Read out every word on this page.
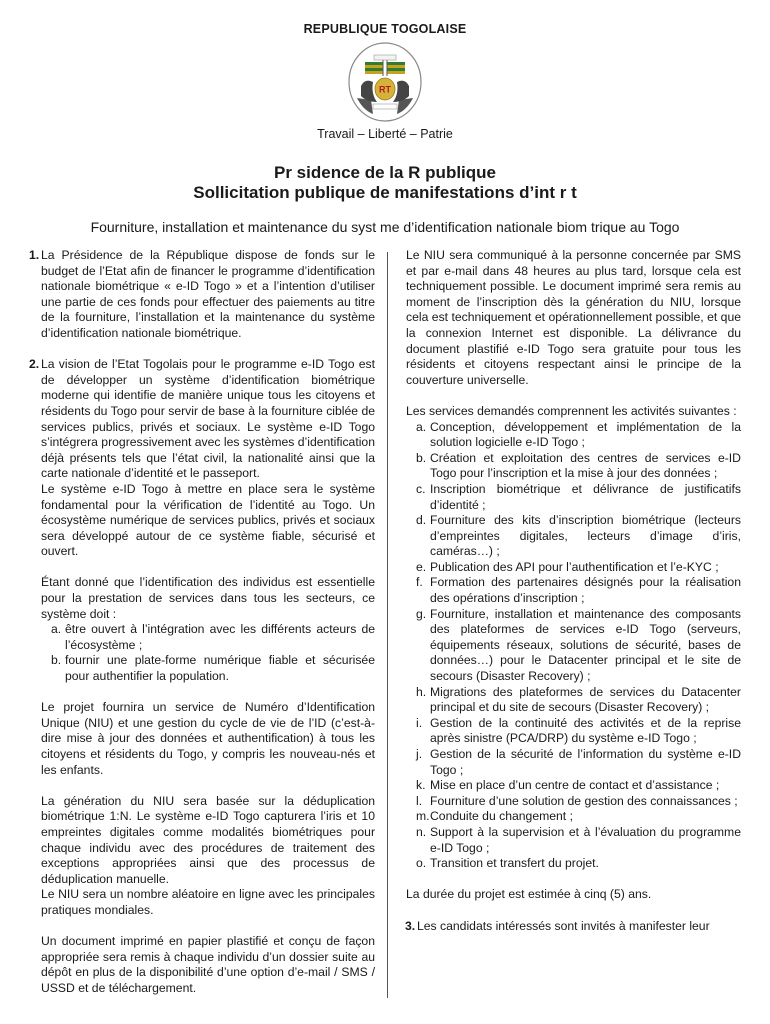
REPUBLIQUE TOGOLAISE
RT
Travail – Liberté – Patrie
Pr sidence de la R publique
Sollicitation publique de manifestations d’int r t
Fourniture, installation et maintenance du syst me d’identification nationale biom trique au Togo
1. La Présidence de la République dispose de fonds sur le budget de l’Etat afin de financer le programme d’identification nationale biométrique « e-ID Togo » et a l’intention d’utiliser une partie de ces fonds pour effectuer des paiements au titre de la fourniture, l’installation et la maintenance du système d’identification nationale biométrique.

2. La vision de l’Etat Togolais pour le programme e-ID Togo est de développer un système d’identification biométrique moderne qui identifie de manière unique tous les citoyens et résidents du Togo pour servir de base à la fourniture ciblée de services publics, privés et sociaux. Le système e-ID Togo s’intégrera progressivement avec les systèmes d’identification déjà présents tels que l’état civil, la nationalité ainsi que la carte nationale d’identité et le passeport.

Le système e-ID Togo à mettre en place sera le système fondamental pour la vérification de l’identité au Togo. Un écosystème numérique de services publics, privés et sociaux sera développé autour de ce système fiable, sécurisé et ouvert.

Étant donné que l’identification des individus est essentielle pour la prestation de services dans tous les secteurs, ce système doit :

a. être ouvert à l’intégration avec les différents acteurs de l’écosystème ;
b. fournir une plate-forme numérique fiable et sécurisée pour authentifier la population.

Le projet fournira un service de Numéro d’Identification Unique (NIU) et une gestion du cycle de vie de l’ID (c’est-à-dire mise à jour des données et authentification) à tous les citoyens et résidents du Togo, y compris les nouveau-nés et les enfants.

La génération du NIU sera basée sur la déduplication biométrique 1:N. Le système e-ID Togo capturera l’iris et 10 empreintes digitales comme modalités biométriques pour chaque individu avec des procédures de traitement des exceptions appropriées ainsi que des processus de déduplication manuelle.

Le NIU sera un nombre aléatoire en ligne avec les principales pratiques mondiales.

Un document imprimé en papier plastifié et conçu de façon appropriée sera remis à chaque individu d’un dossier suite au dépôt en plus de la disponibilité d’une option d’e-mail / SMS / USSD et de téléchargement.

Le NIU sera communiqué à la personne concernée par SMS et par e-mail dans 48 heures au plus tard, lorsque cela est techniquement possible. Le document imprimé sera remis au moment de l’inscription dès la génération du NIU, lorsque cela est techniquement et opérationnellement possible, et que la connexion Internet est disponible. La délivrance du document plastifié e-ID Togo sera gratuite pour tous les résidents et citoyens respectant ainsi le principe de la couverture universelle.

Les services demandés comprennent les activités suivantes :

a. Conception, développement et implémentation de la solution logicielle e-ID Togo ;
b. Création et exploitation des centres de services e-ID Togo pour l’inscription et la mise à jour des données ;
c. Inscription biométrique et délivrance de justificatifs d’identité ;
d. Fourniture des kits d’inscription biométrique (lecteurs d’empreintes digitales, lecteurs d’image d’iris, caméras…) ;
e. Publication des API pour l’authentification et l’e-KYC ;
f. Formation des partenaires désignés pour la réalisation des opérations d’inscription ;
g. Fourniture, installation et maintenance des composants des plateformes de services e-ID Togo (serveurs, équipements réseaux, solutions de sécurité, bases de données…) pour le Datacenter principal et le site de secours (Disaster Recovery) ;
h. Migrations des plateformes de services du Datacenter principal et du site de secours (Disaster Recovery) ;
i. Gestion de la continuité des activités et de la reprise après sinistre (PCA/DRP) du système e-ID Togo ;
j. Gestion de la sécurité de l’information du système e-ID Togo ;
k. Mise en place d’un centre de contact et d’assistance ;
l. Fourniture d’une solution de gestion des connaissances ;
m. Conduite du changement ;
n. Support à la supervision et à l’évaluation du programme e-ID Togo ;
o. Transition et transfert du projet.

La durée du projet est estimée à cinq (5) ans.

3. Les candidats intéressés sont invités à manifester leur
